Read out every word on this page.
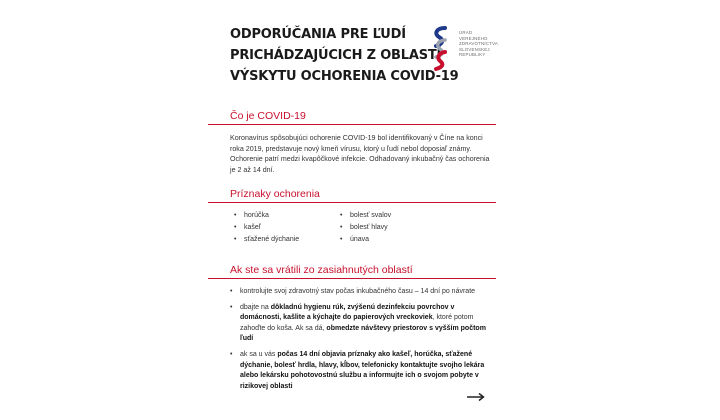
ODPORÚČANIA PRE ĽUDÍ
PRICHÁDZAJÚCICH Z OBLASTÍ
VÝSKYTU OCHORENIA COVID-19
ÚRAD
VEREJNÉHO
ZDRAVOTNÍCTVA
SLOVENSKEJ
REPUBLIKY
Čo je COVID-19
Koronavírus spôsobujúci ochorenie COVID-19 bol identifikovaný v Číne na konci roka 2019, predstavuje nový kmeň vírusu, ktorý u ľudí nebol doposiaľ známy. Ochorenie patrí medzi kvapôčkové infekcie. Odhadovaný inkubačný čas ochorenia je 2 až 14 dní.
Príznaky ochorenia
• horúčka
• kašeľ
• sťažené dýchanie
• bolesť svalov
• bolesť hlavy
• únava
Ak ste sa vrátili zo zasiahnutých oblastí
• kontrolujte svoj zdravotný stav počas inkubačného času – 14 dní po návrate
• dbajte na dôkladnú hygienu rúk, zvýšenú dezinfekciu povrchov v domácnosti, kašlite a kýchajte do papierových vreckoviek, ktoré potom zahoďte do koša. Ak sa dá, obmedzte návštevy priestorov s vyšším počtom ľudí
• ak sa u vás počas 14 dní objavia príznaky ako kašeľ, horúčka, sťažené dýchanie, bolesť hrdla, hlavy, kĺbov, telefonicky kontaktujte svojho lekára alebo lekársku pohotovostnú službu a informujte ich o svojom pobyte v rizikovej oblasti
